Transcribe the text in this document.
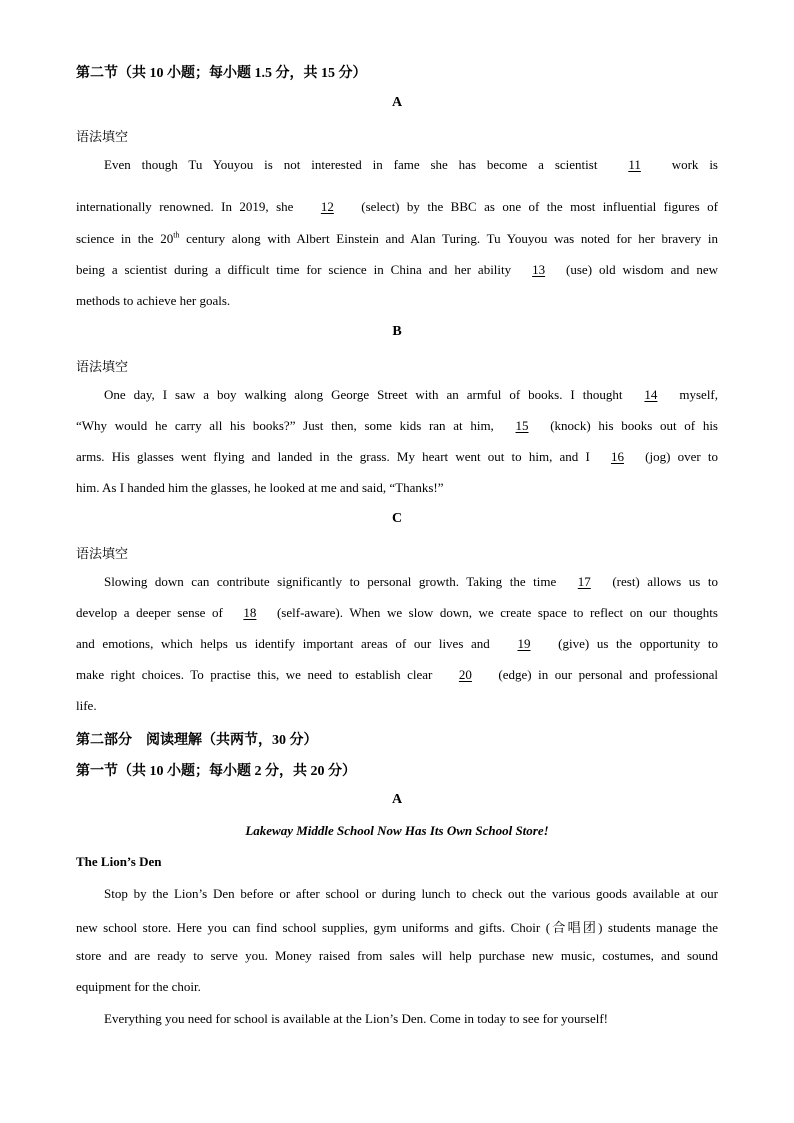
第二节（共 10 小题；每小题 1.5 分，共 15 分）
A
语法填空
Even though Tu Youyou is not interested in fame she has become a scientist 11 work is
internationally renowned. In 2019, she 12 (select) by the BBC as one of the most influential figures of
science in the 20th century along with Albert Einstein and Alan Turing. Tu Youyou was noted for her bravery in
being a scientist during a difficult time for science in China and her ability 13 (use) old wisdom and new
methods to achieve her goals.
B
语法填空
One day, I saw a boy walking along George Street with an armful of books. I thought 14 myself,
“Why would he carry all his books?” Just then, some kids ran at him, 15 (knock) his books out of his
arms. His glasses went flying and landed in the grass. My heart went out to him, and I 16 (jog) over to
him. As I handed him the glasses, he looked at me and said, “Thanks!”
C
语法填空
Slowing down can contribute significantly to personal growth. Taking the time 17 (rest) allows us to
develop a deeper sense of 18 (self-aware). When we slow down, we create space to reflect on our thoughts
and emotions, which helps us identify important areas of our lives and 19 (give) us the opportunity to
make right choices. To practise this, we need to establish clear 20 (edge) in our personal and professional
life.
第二部分　阅读理解（共两节，30 分）
第一节（共 10 小题；每小题 2 分，共 20 分）
A
Lakeway Middle School Now Has Its Own School Store!
The Lion’s Den
Stop by the Lion’s Den before or after school or during lunch to check out the various goods available at our
new school store. Here you can find school supplies, gym uniforms and gifts. Choir (合唱团) students manage the
store and are ready to serve you. Money raised from sales will help purchase new music, costumes, and sound
equipment for the choir.
Everything you need for school is available at the Lion’s Den. Come in today to see for yourself!
